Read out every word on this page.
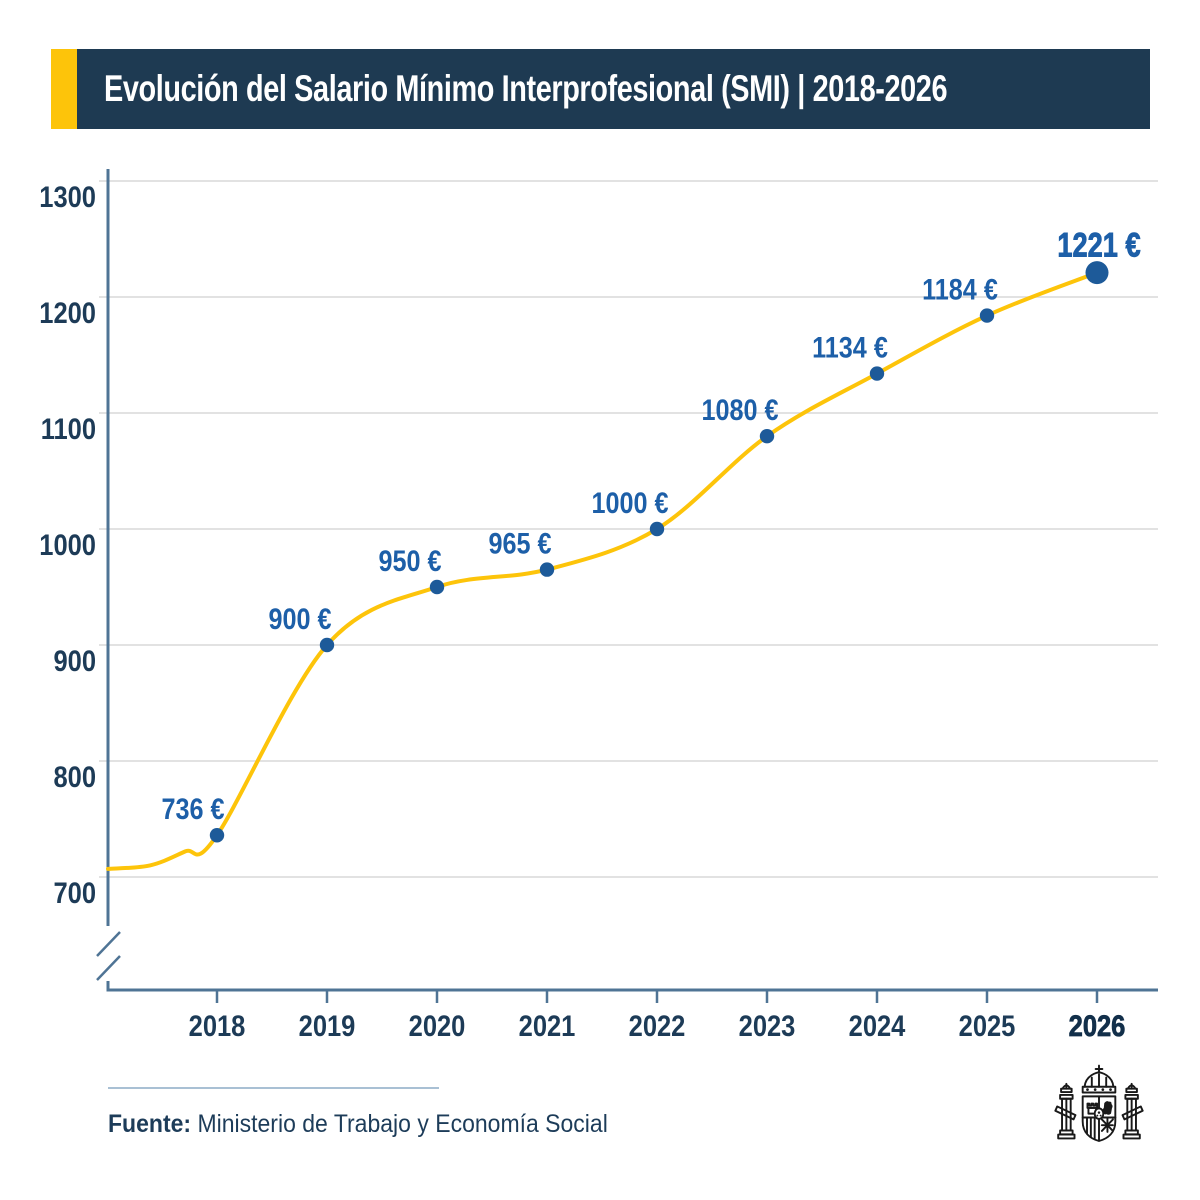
Evolución del Salario Mínimo Interprofesional (SMI) | 2018-2026
1300
1200
1100
1000
900
800
700
2018 2019 2020 2021 2022 2023 2024 2025 2026
736 €
900 €
950 €
965 €
1000 €
1080 €
1134 €
1184 €
1221 €

Fuente: Ministerio de Trabajo y Economía Social
